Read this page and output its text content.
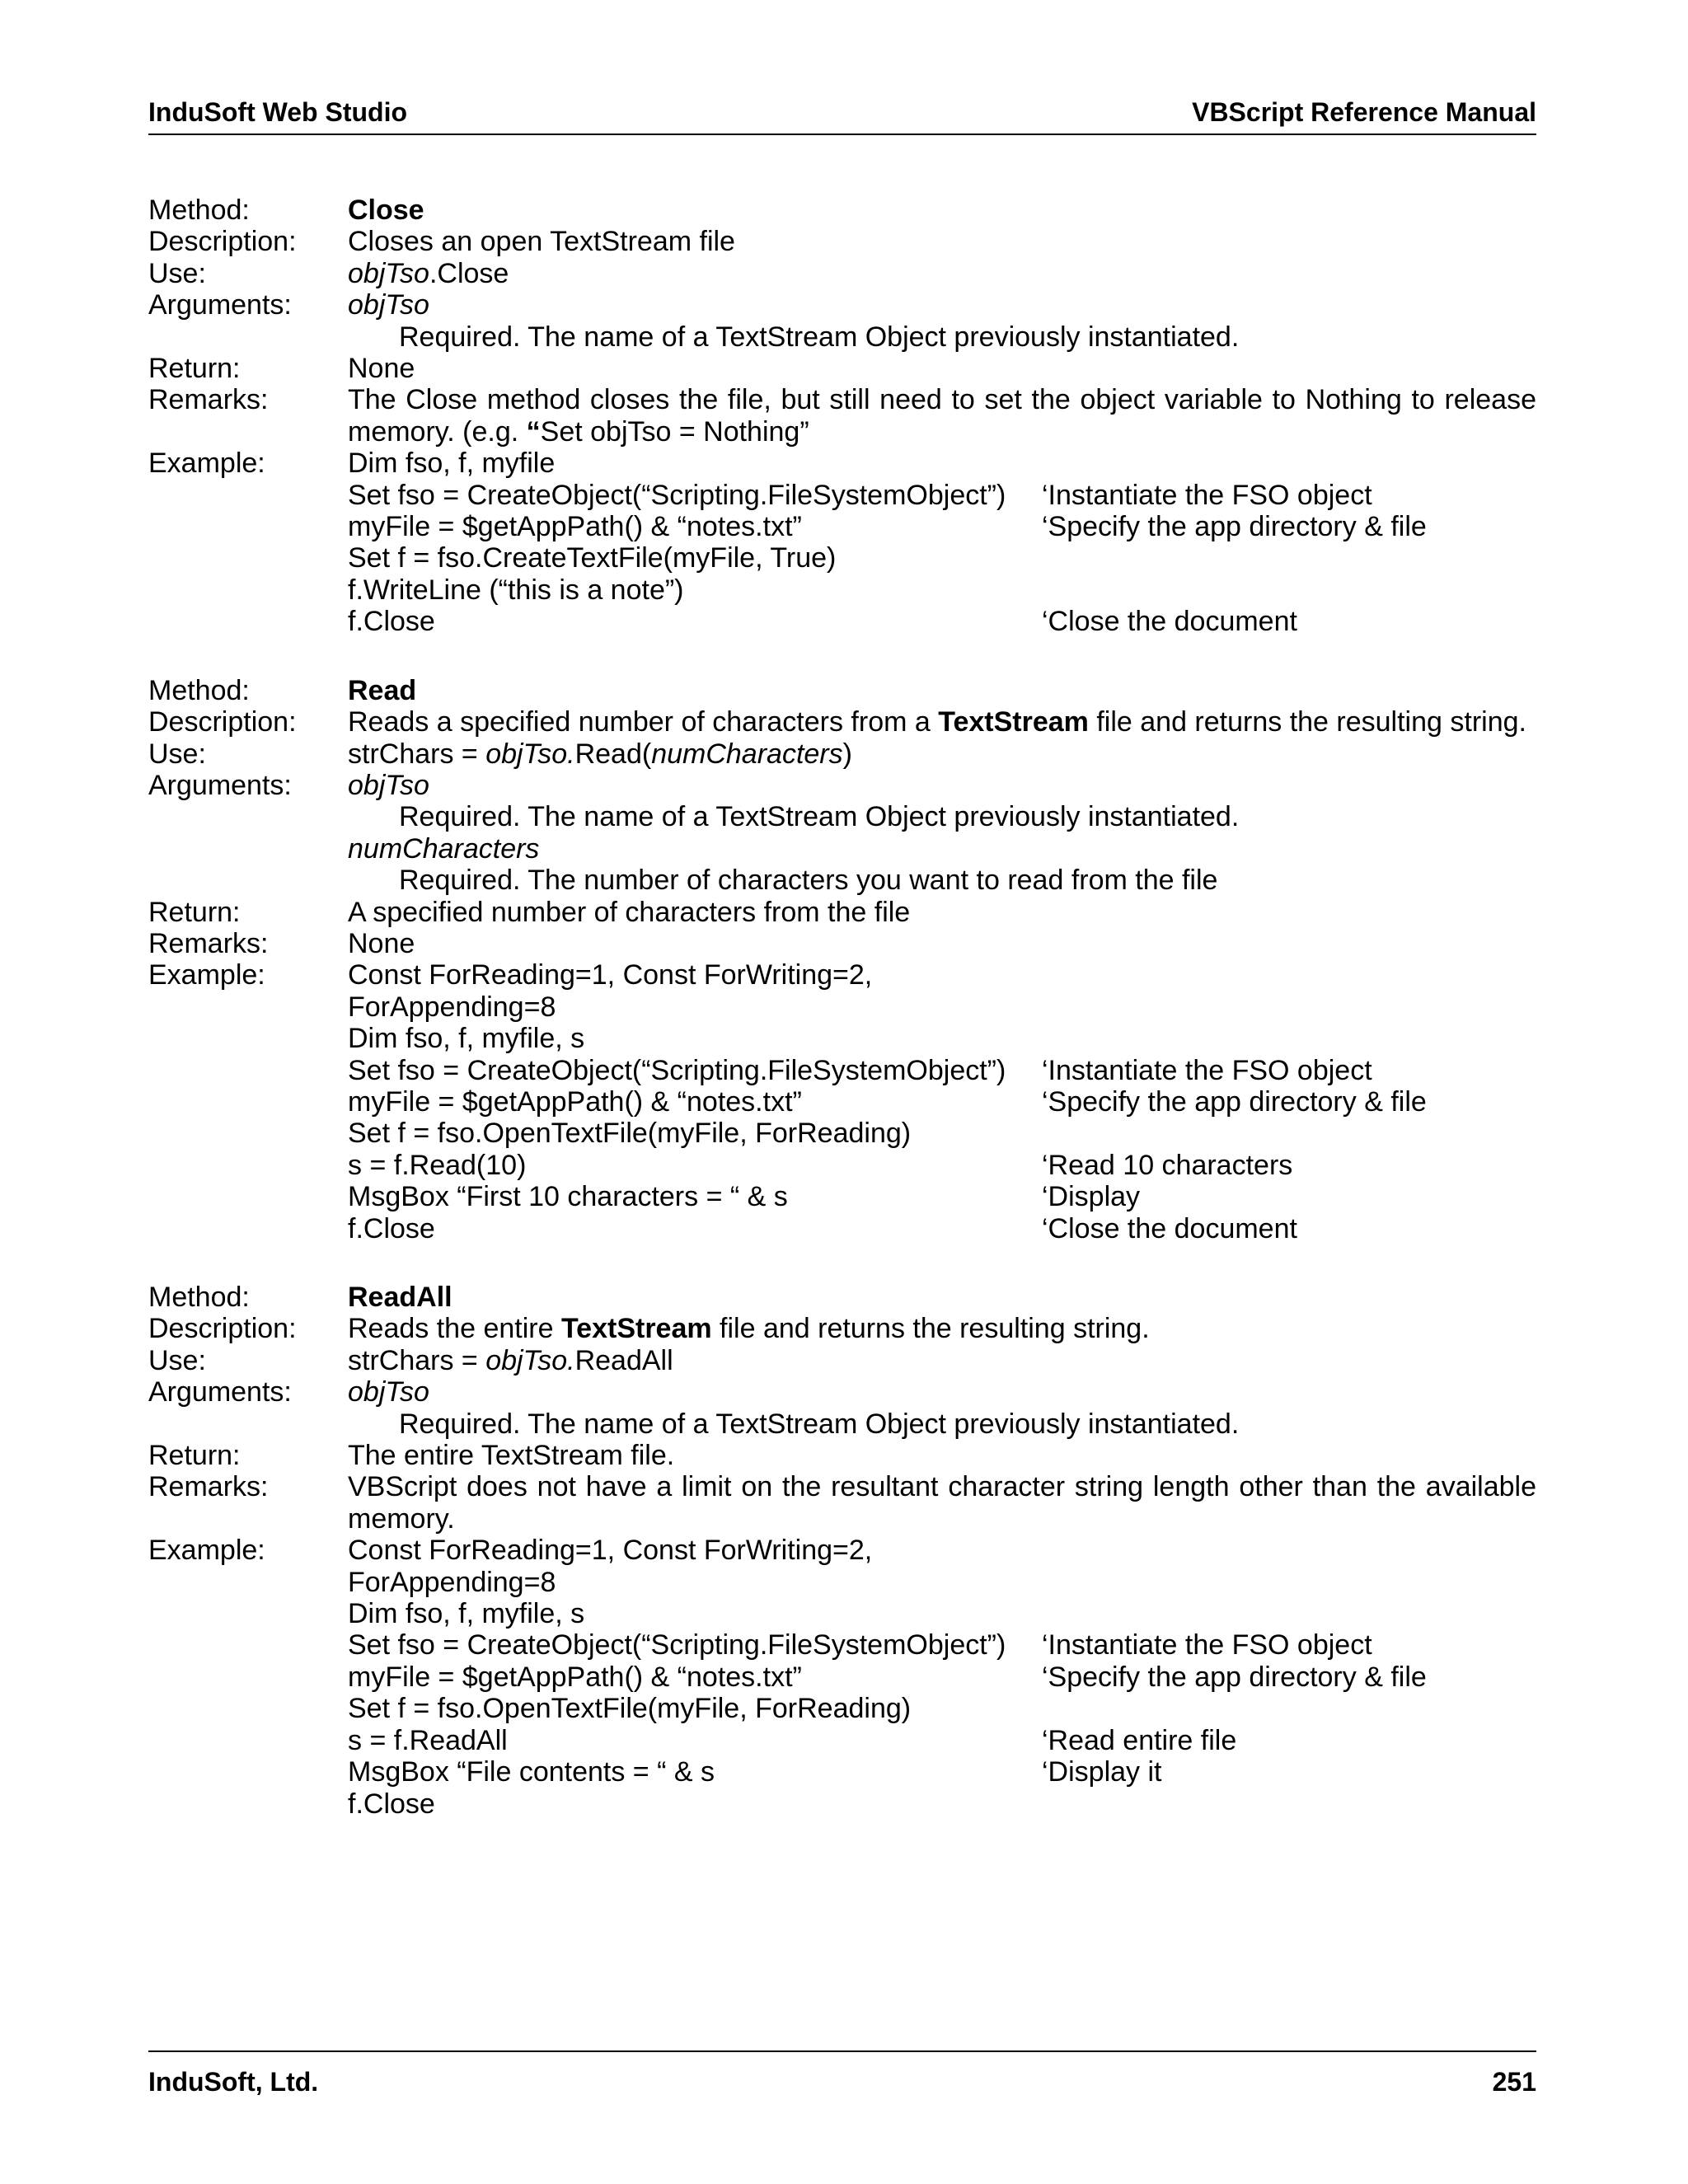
InduSoft Web Studio	VBScript Reference Manual
Method:	Close
Description:	Closes an open TextStream file
Use:	objTso.Close
Arguments:	objTso
Required. The name of a TextStream Object previously instantiated.
Return:	None
Remarks:	The Close method closes the file, but still need to set the object variable to Nothing to release
memory. (e.g. “Set objTso = Nothing”
Example:	Dim fso, f, myfile
Set fso = CreateObject(“Scripting.FileSystemObject”)	‘Instantiate the FSO object
myFile = $getAppPath() & “notes.txt”	‘Specify the app directory & file
Set f = fso.CreateTextFile(myFile, True)
f.WriteLine (“this is a note”)
f.Close	‘Close the document
Method:	Read
Description:	Reads a specified number of characters from a TextStream file and returns the resulting string.
Use:	strChars = objTso.Read(numCharacters)
Arguments:	objTso
Required. The name of a TextStream Object previously instantiated.
numCharacters
Required. The number of characters you want to read from the file
Return:	A specified number of characters from the file
Remarks:	None
Example:	Const ForReading=1, Const ForWriting=2, ForAppending=8
Dim fso, f, myfile, s
Set fso = CreateObject(“Scripting.FileSystemObject”)	‘Instantiate the FSO object
myFile = $getAppPath() & “notes.txt”	‘Specify the app directory & file
Set f = fso.OpenTextFile(myFile, ForReading)
s = f.Read(10)	‘Read 10 characters
MsgBox “First 10 characters = “ & s	‘Display
f.Close	‘Close the document
Method:	ReadAll
Description:	Reads the entire TextStream file and returns the resulting string.
Use:	strChars = objTso.ReadAll
Arguments:	objTso
Required. The name of a TextStream Object previously instantiated.
Return:	The entire TextStream file.
Remarks:	VBScript does not have a limit on the resultant character string length other than the available
memory.
Example:	Const ForReading=1, Const ForWriting=2, ForAppending=8
Dim fso, f, myfile, s
Set fso = CreateObject(“Scripting.FileSystemObject”)	‘Instantiate the FSO object
myFile = $getAppPath() & “notes.txt”	‘Specify the app directory & file
Set f = fso.OpenTextFile(myFile, ForReading)
s = f.ReadAll	‘Read entire file
MsgBox “File contents = “ & s	‘Display it
f.Close
InduSoft, Ltd.	251
